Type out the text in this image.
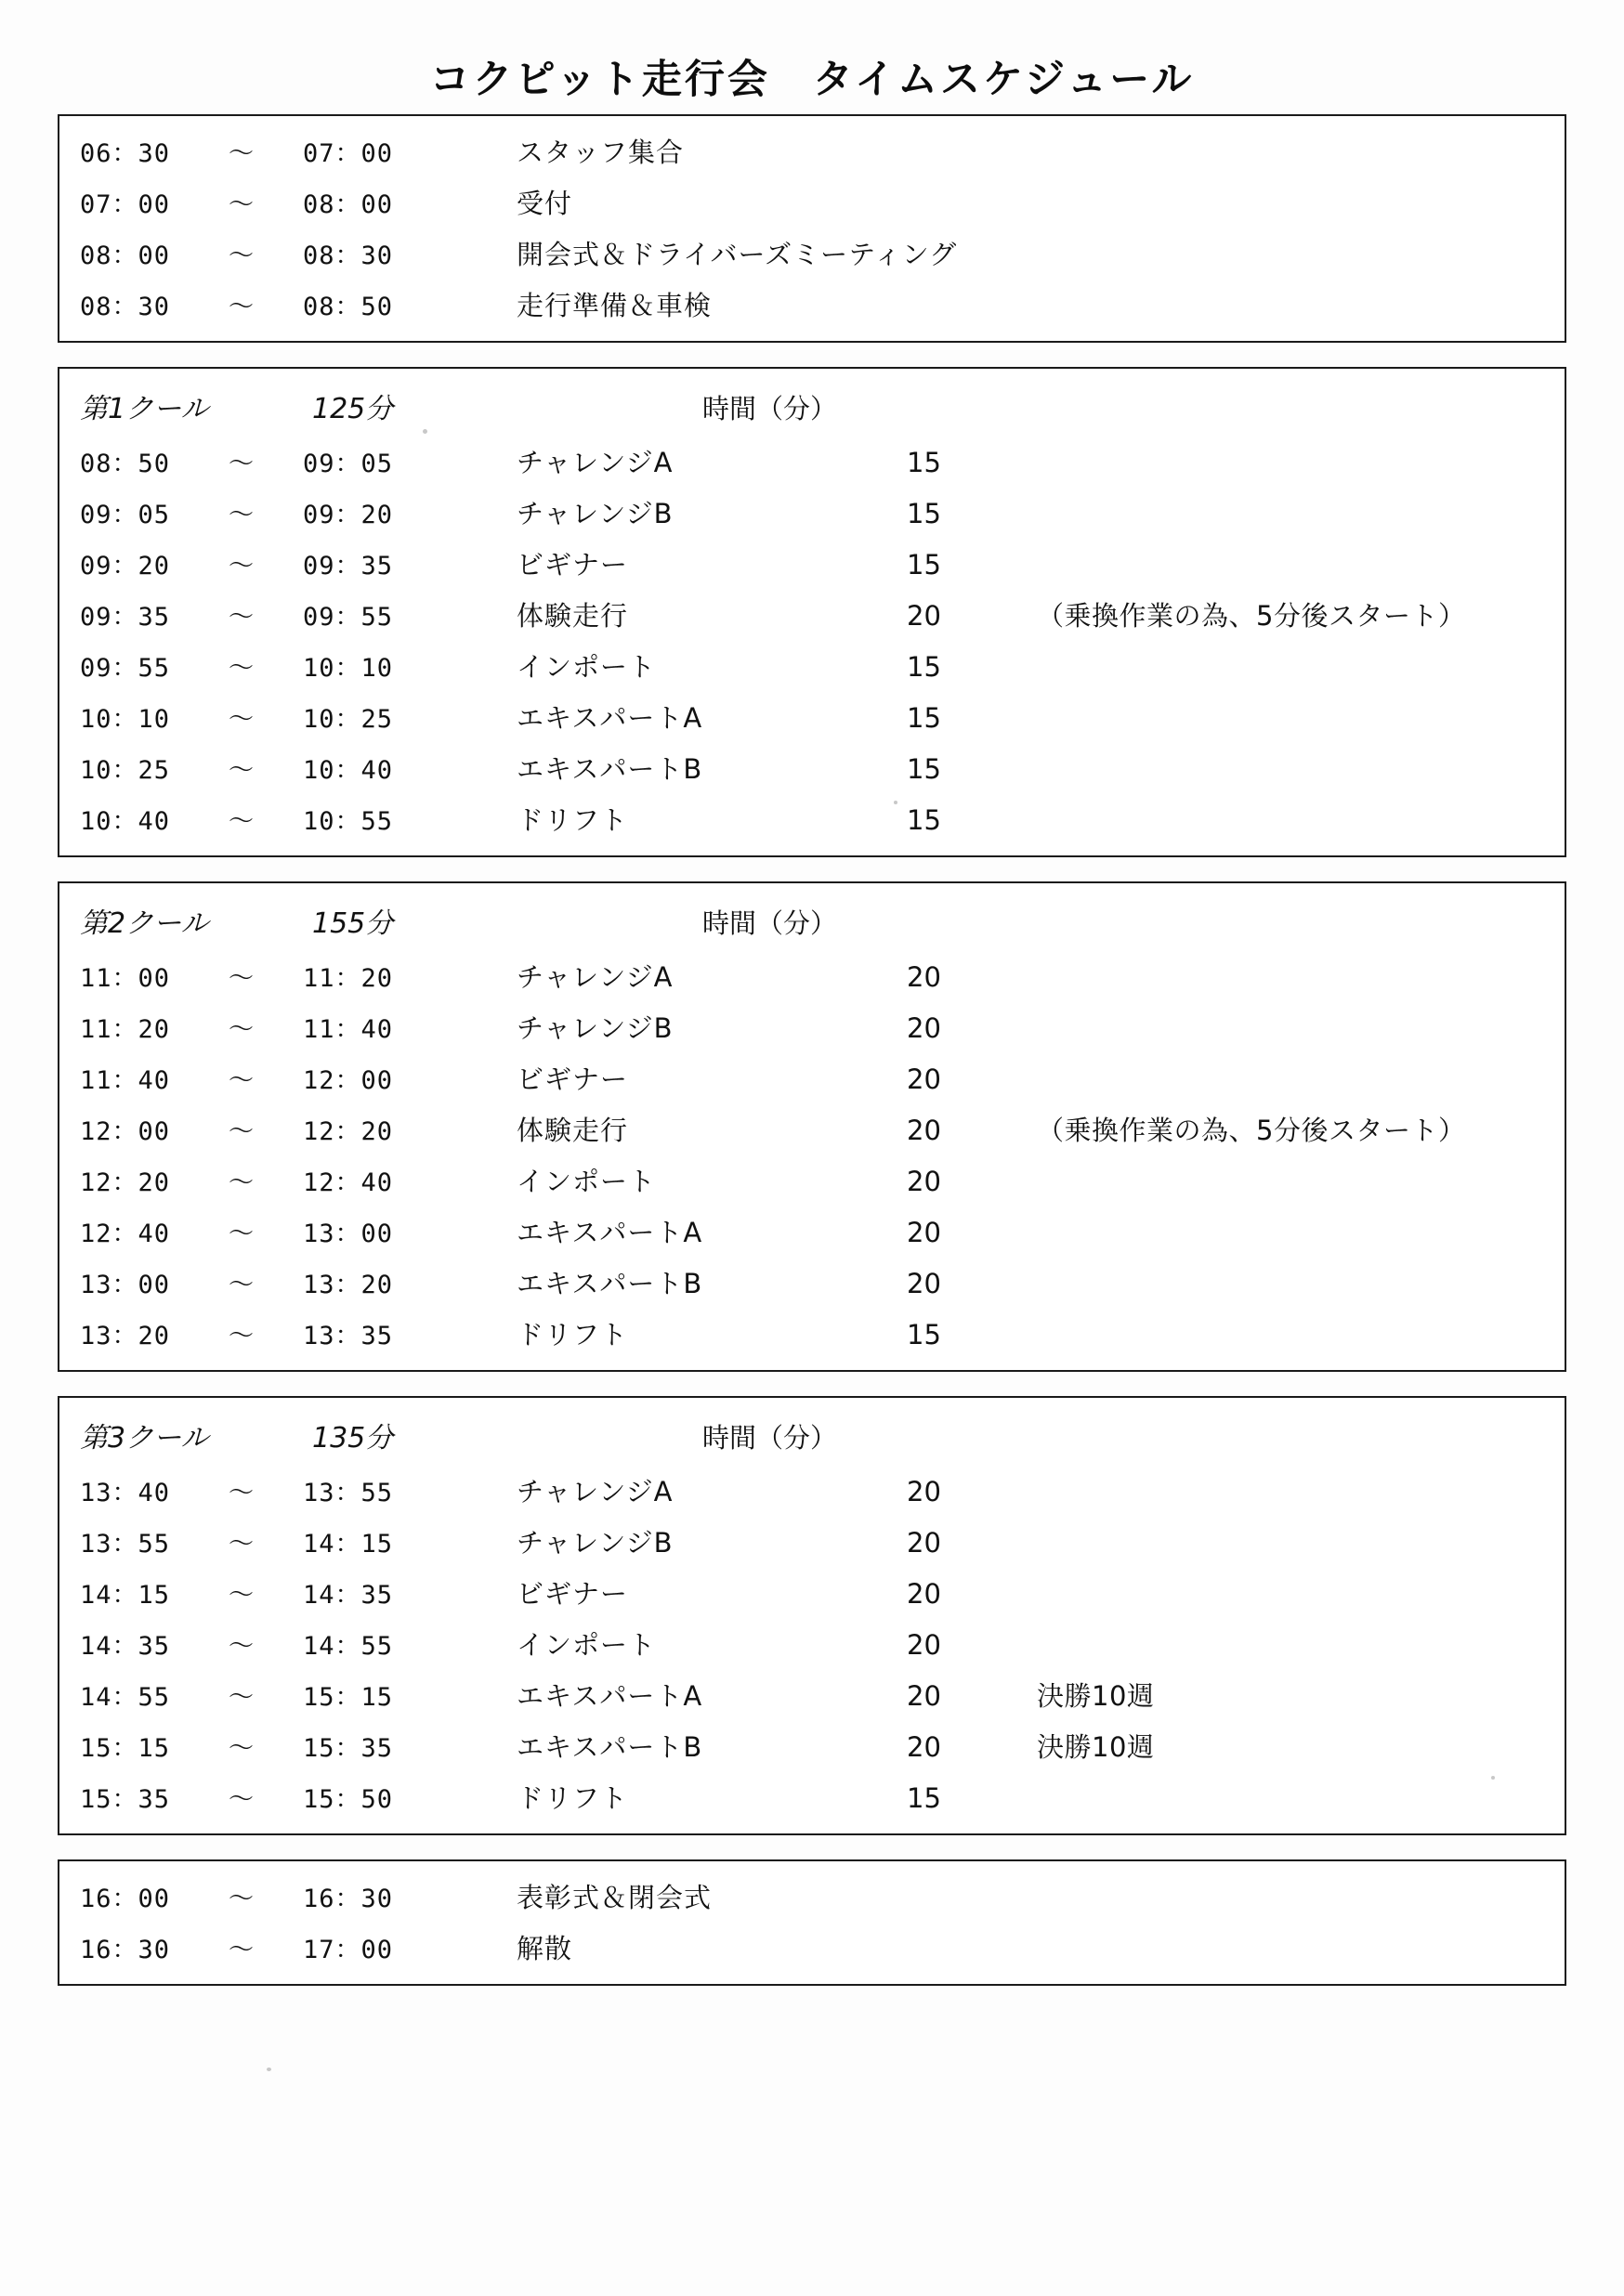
コクピット走行会　タイムスケジュール
06：30	〜	07：00	スタッフ集合
07：00	〜	08：00	受付
08：00	〜	08：30	開会式＆ドライバーズミーティング
08：30	〜	08：50	走行準備＆車検
第1クール	125分	時間（分）
08：50	〜	09：05	チャレンジA	15
09：05	〜	09：20	チャレンジB	15
09：20	〜	09：35	ビギナー	15
09：35	〜	09：55	体験走行	20	（乗換作業の為、5分後スタート）
09：55	〜	10：10	インポート	15
10：10	〜	10：25	エキスパートA	15
10：25	〜	10：40	エキスパートB	15
10：40	〜	10：55	ドリフト	15
第2クール	155分	時間（分）
11：00	〜	11：20	チャレンジA	20
11：20	〜	11：40	チャレンジB	20
11：40	〜	12：00	ビギナー	20
12：00	〜	12：20	体験走行	20	（乗換作業の為、5分後スタート）
12：20	〜	12：40	インポート	20
12：40	〜	13：00	エキスパートA	20
13：00	〜	13：20	エキスパートB	20
13：20	〜	13：35	ドリフト	15
第3クール	135分	時間（分）
13：40	〜	13：55	チャレンジA	20
13：55	〜	14：15	チャレンジB	20
14：15	〜	14：35	ビギナー	20
14：35	〜	14：55	インポート	20
14：55	〜	15：15	エキスパートA	20	決勝10週
15：15	〜	15：35	エキスパートB	20	決勝10週
15：35	〜	15：50	ドリフト	15
16：00	〜	16：30	表彰式＆閉会式
16：30	〜	17：00	解散
